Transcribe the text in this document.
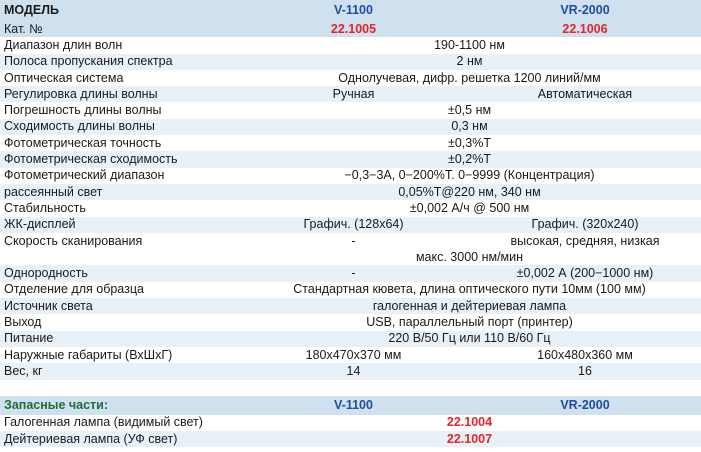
МОДЕЛЬ	V-1100	VR-2000
Кат. №	22.1005	22.1006
Диапазон длин волн	190-1100 нм	
Полоса пропускания спектра	2 нм	
Оптическая система	Однолучевая, дифр. решетка 1200 линий/мм	
Регулировка длины волны	Ручная	Автоматическая
Погрешность длины волны	±0,5 нм	
Сходимость длины волны	0,3 нм	
Фотометрическая точность	±0,3%T	
Фотометрическая сходимость	±0,2%T	
Фотометрический диапазон	−0,3−3А, 0−200%Т. 0−9999 (Концентрация)	
рассеянный свет	0,05%T@220 нм, 340 нм	
Стабильность	±0,002 А/ч @ 500 нм	
ЖК-дисплей	Графич. (128x64)	Графич. (320x240)
Скорость сканирования	-	высокая, средняя, низкая
	макс. 3000 нм/мин	
Однородность	-	±0,002 А (200−1000 нм)
Отделение для образца	Стандартная кювета, длина оптического пути 10мм (100 мм)	
Источник света	галогенная и дейтериевая лампа	
Выход	USB, параллельный порт (принтер)	
Питание	220 В/50 Гц или 110 В/60 Гц	
Наружные габариты (ВхШхГ)	180x470x370 мм	160x480x360 мм
Вес, кг	14	16

Запасные части:	V-1100	VR-2000
Галогенная лампа (видимый свет)	22.1004	
Дейтериевая лампа (УФ свет)	22.1007	
